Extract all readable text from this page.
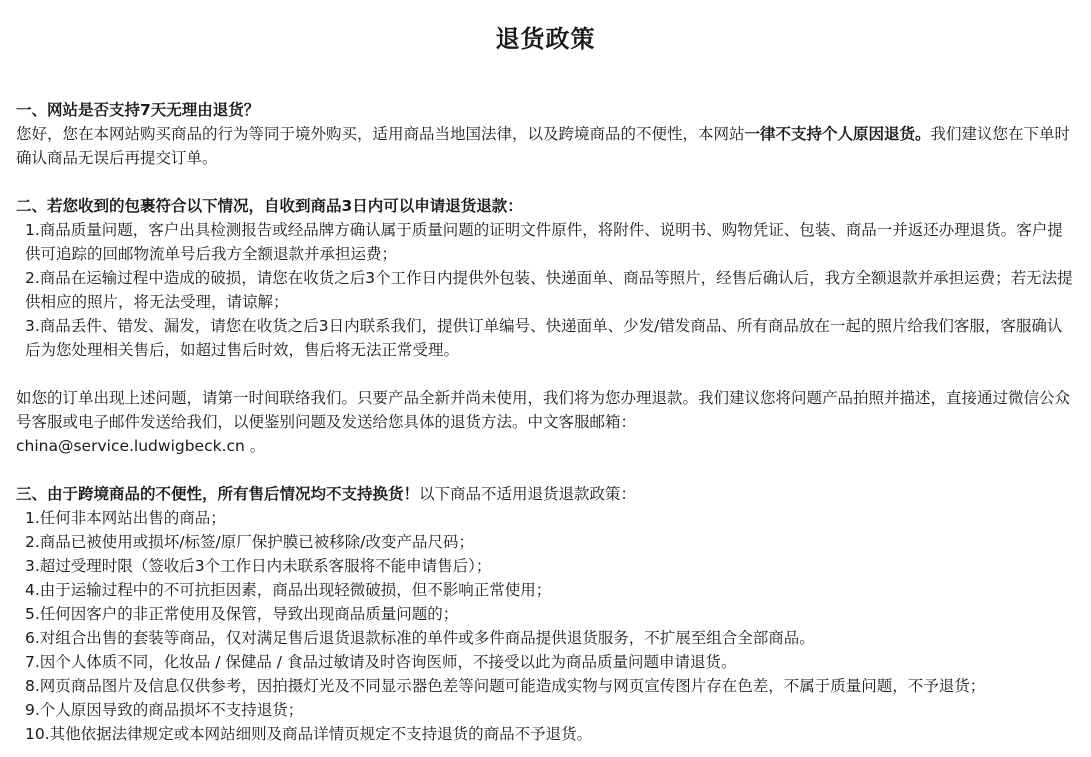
退货政策
一、网站是否支持7天无理由退货？
您好，您在本网站购买商品的行为等同于境外购买，适用商品当地国法律，以及跨境商品的不便性，本网站一律不支持个人原因退货。我们建议您在下单时确认商品无误后再提交订单。
二、若您收到的包裹符合以下情况，自收到商品3日内可以申请退货退款：
1.商品质量问题，客户出具检测报告或经品牌方确认属于质量问题的证明文件原件，将附件、说明书、购物凭证、包装、商品一并返还办理退货。客户提供可追踪的回邮物流单号后我方全额退款并承担运费；
2.商品在运输过程中造成的破损，请您在收货之后3个工作日内提供外包装、快递面单、商品等照片，经售后确认后，我方全额退款并承担运费；若无法提供相应的照片，将无法受理，请谅解；
3.商品丢件、错发、漏发，请您在收货之后3日内联系我们，提供订单编号、快递面单、少发/错发商品、所有商品放在一起的照片给我们客服，客服确认后为您处理相关售后，如超过售后时效，售后将无法正常受理。
如您的订单出现上述问题，请第一时间联络我们。只要产品全新并尚未使用，我们将为您办理退款。我们建议您将问题产品拍照并描述，直接通过微信公众号客服或电子邮件发送给我们，以便鉴别问题及发送给您具体的退货方法。中文客服邮箱：
china@service.ludwigbeck.cn 。
三、由于跨境商品的不便性，所有售后情况均不支持换货！以下商品不适用退货退款政策：
1.任何非本网站出售的商品；
2.商品已被使用或损坏/标签/原厂保护膜已被移除/改变产品尺码；
3.超过受理时限（签收后3个工作日内未联系客服将不能申请售后）；
4.由于运输过程中的不可抗拒因素，商品出现轻微破损，但不影响正常使用；
5.任何因客户的非正常使用及保管，导致出现商品质量问题的；
6.对组合出售的套装等商品，仅对满足售后退货退款标准的单件或多件商品提供退货服务，不扩展至组合全部商品。
7.因个人体质不同，化妆品 / 保健品 / 食品过敏请及时咨询医师，不接受以此为商品质量问题申请退货。
8.网页商品图片及信息仅供参考，因拍摄灯光及不同显示器色差等问题可能造成实物与网页宣传图片存在色差，不属于质量问题，不予退货；
9.个人原因导致的商品损坏不支持退货；
10.其他依据法律规定或本网站细则及商品详情页规定不支持退货的商品不予退货。
